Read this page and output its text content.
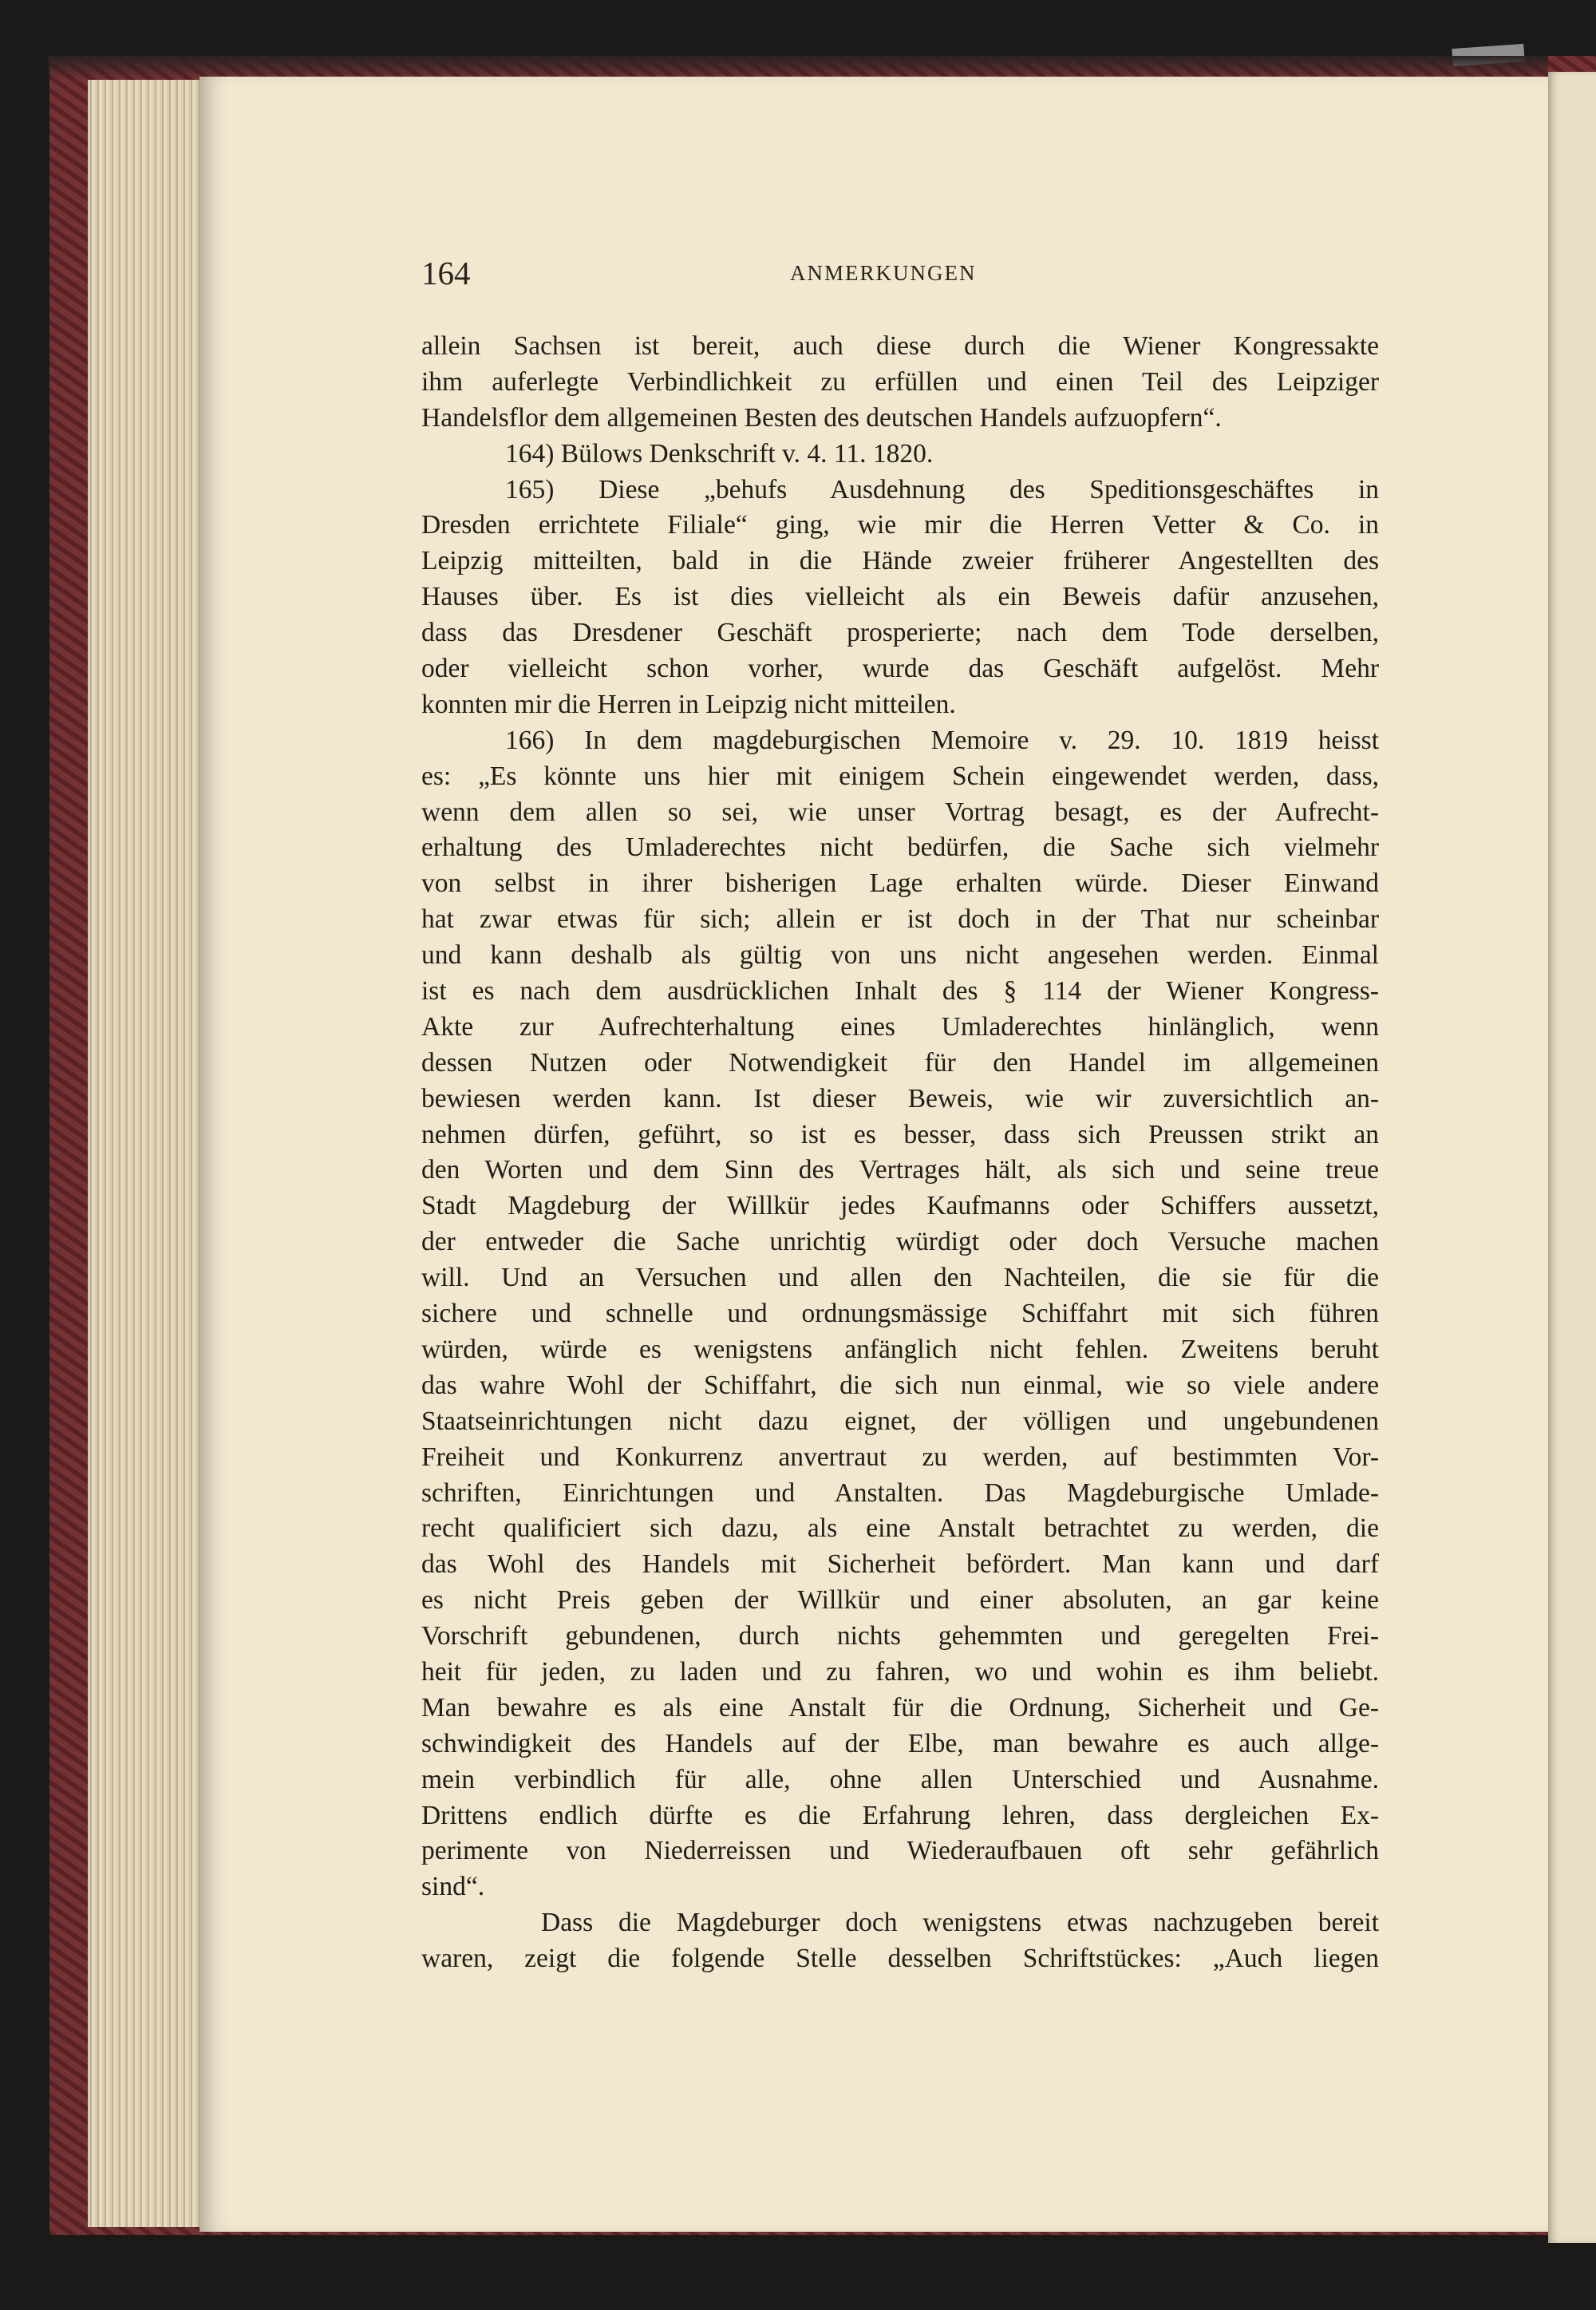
164	ANMERKUNGEN
allein Sachsen ist bereit, auch diese durch die Wiener Kongressakte
ihm auferlegte Verbindlichkeit zu erfüllen und einen Teil des Leipziger
Handelsflor dem allgemeinen Besten des deutschen Handels aufzuopfern“.
164) Bülows Denkschrift v. 4. 11. 1820.
165) Diese „behufs Ausdehnung des Speditionsgeschäftes in
Dresden errichtete Filiale“ ging, wie mir die Herren Vetter & Co. in
Leipzig mitteilten, bald in die Hände zweier früherer Angestellten des
Hauses über. Es ist dies vielleicht als ein Beweis dafür anzusehen,
dass das Dresdener Geschäft prosperierte; nach dem Tode derselben,
oder vielleicht schon vorher, wurde das Geschäft aufgelöst. Mehr
konnten mir die Herren in Leipzig nicht mitteilen.
166) In dem magdeburgischen Memoire v. 29. 10. 1819 heisst
es: „Es könnte uns hier mit einigem Schein eingewendet werden, dass,
wenn dem allen so sei, wie unser Vortrag besagt, es der Aufrecht-
erhaltung des Umladerechtes nicht bedürfen, die Sache sich vielmehr
von selbst in ihrer bisherigen Lage erhalten würde. Dieser Einwand
hat zwar etwas für sich; allein er ist doch in der That nur scheinbar
und kann deshalb als gültig von uns nicht angesehen werden. Einmal
ist es nach dem ausdrücklichen Inhalt des § 114 der Wiener Kongress-
Akte zur Aufrechterhaltung eines Umladerechtes hinlänglich, wenn
dessen Nutzen oder Notwendigkeit für den Handel im allgemeinen
bewiesen werden kann. Ist dieser Beweis, wie wir zuversichtlich an-
nehmen dürfen, geführt, so ist es besser, dass sich Preussen strikt an
den Worten und dem Sinn des Vertrages hält, als sich und seine treue
Stadt Magdeburg der Willkür jedes Kaufmanns oder Schiffers aussetzt,
der entweder die Sache unrichtig würdigt oder doch Versuche machen
will. Und an Versuchen und allen den Nachteilen, die sie für die
sichere und schnelle und ordnungsmässige Schiffahrt mit sich führen
würden, würde es wenigstens anfänglich nicht fehlen. Zweitens beruht
das wahre Wohl der Schiffahrt, die sich nun einmal, wie so viele andere
Staatseinrichtungen nicht dazu eignet, der völligen und ungebundenen
Freiheit und Konkurrenz anvertraut zu werden, auf bestimmten Vor-
schriften, Einrichtungen und Anstalten. Das Magdeburgische Umlade-
recht qualificiert sich dazu, als eine Anstalt betrachtet zu werden, die
das Wohl des Handels mit Sicherheit befördert. Man kann und darf
es nicht Preis geben der Willkür und einer absoluten, an gar keine
Vorschrift gebundenen, durch nichts gehemmten und geregelten Frei-
heit für jeden, zu laden und zu fahren, wo und wohin es ihm beliebt.
Man bewahre es als eine Anstalt für die Ordnung, Sicherheit und Ge-
schwindigkeit des Handels auf der Elbe, man bewahre es auch allge-
mein verbindlich für alle, ohne allen Unterschied und Ausnahme.
Drittens endlich dürfte es die Erfahrung lehren, dass dergleichen Ex-
perimente von Niederreissen und Wiederaufbauen oft sehr gefährlich
sind“.
Dass die Magdeburger doch wenigstens etwas nachzugeben bereit
waren, zeigt die folgende Stelle desselben Schriftstückes: „Auch liegen
